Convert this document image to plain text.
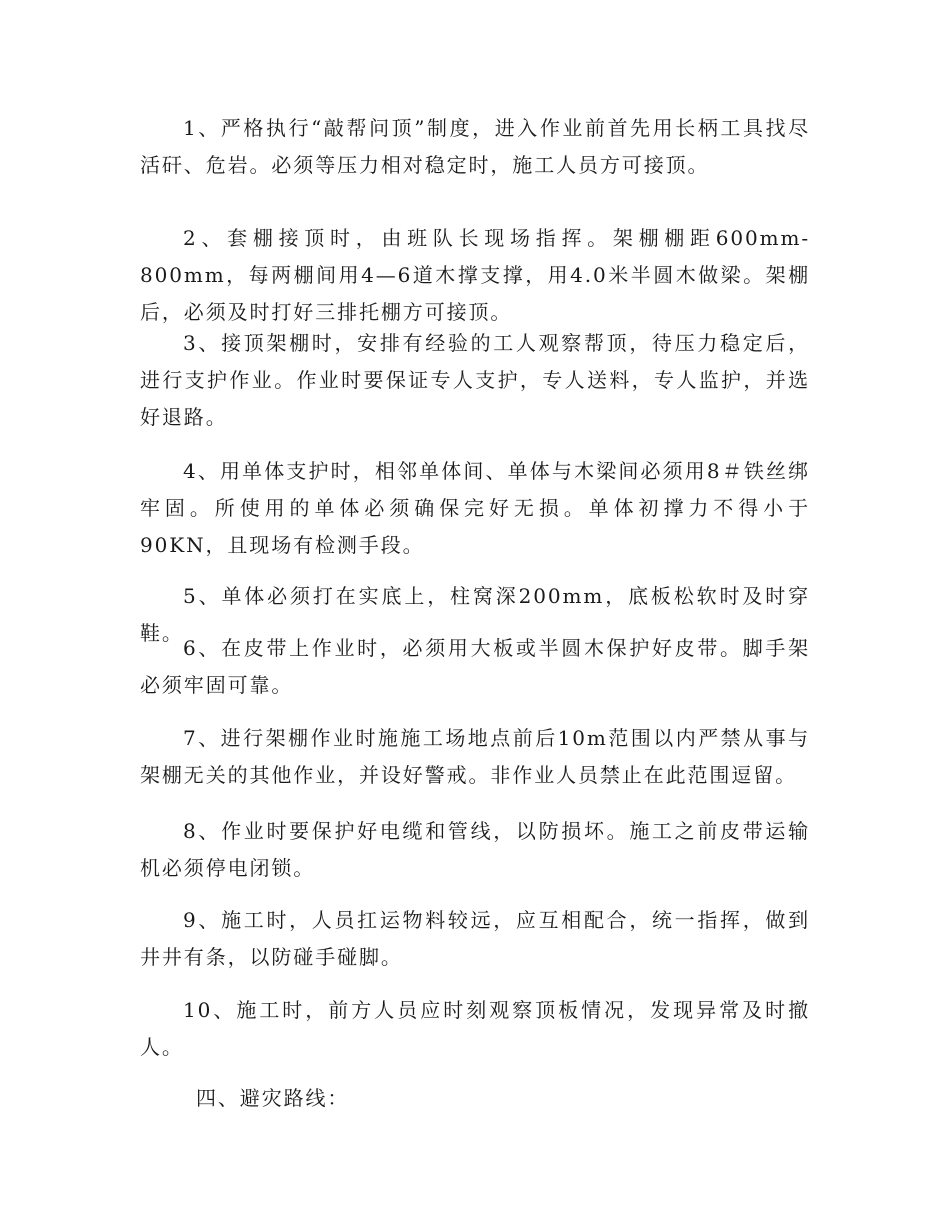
1、严格执行“敲帮问顶”制度，进入作业前首先用长柄工具找尽活矸、危岩。必须等压力相对稳定时，施工人员方可接顶。

2、套棚接顶时，由班队长现场指挥。架棚棚距600mm-800mm，每两棚间用4—6道木撑支撑，用4.0米半圆木做梁。架棚后，必须及时打好三排托棚方可接顶。

3、接顶架棚时，安排有经验的工人观察帮顶，待压力稳定后，进行支护作业。作业时要保证专人支护，专人送料，专人监护，并选好退路。

4、用单体支护时，相邻单体间、单体与木梁间必须用8＃铁丝绑牢固。所使用的单体必须确保完好无损。单体初撑力不得小于90KN，且现场有检测手段。

5、单体必须打在实底上，柱窝深200mm，底板松软时及时穿鞋。

6、在皮带上作业时，必须用大板或半圆木保护好皮带。脚手架必须牢固可靠。

7、进行架棚作业时施施工场地点前后10m范围以内严禁从事与架棚无关的其他作业，并设好警戒。非作业人员禁止在此范围逗留。

8、作业时要保护好电缆和管线，以防损坏。施工之前皮带运输机必须停电闭锁。

9、施工时，人员扛运物料较远，应互相配合，统一指挥，做到井井有条，以防碰手碰脚。

10、施工时，前方人员应时刻观察顶板情况，发现异常及时撤人。

四、避灾路线：
